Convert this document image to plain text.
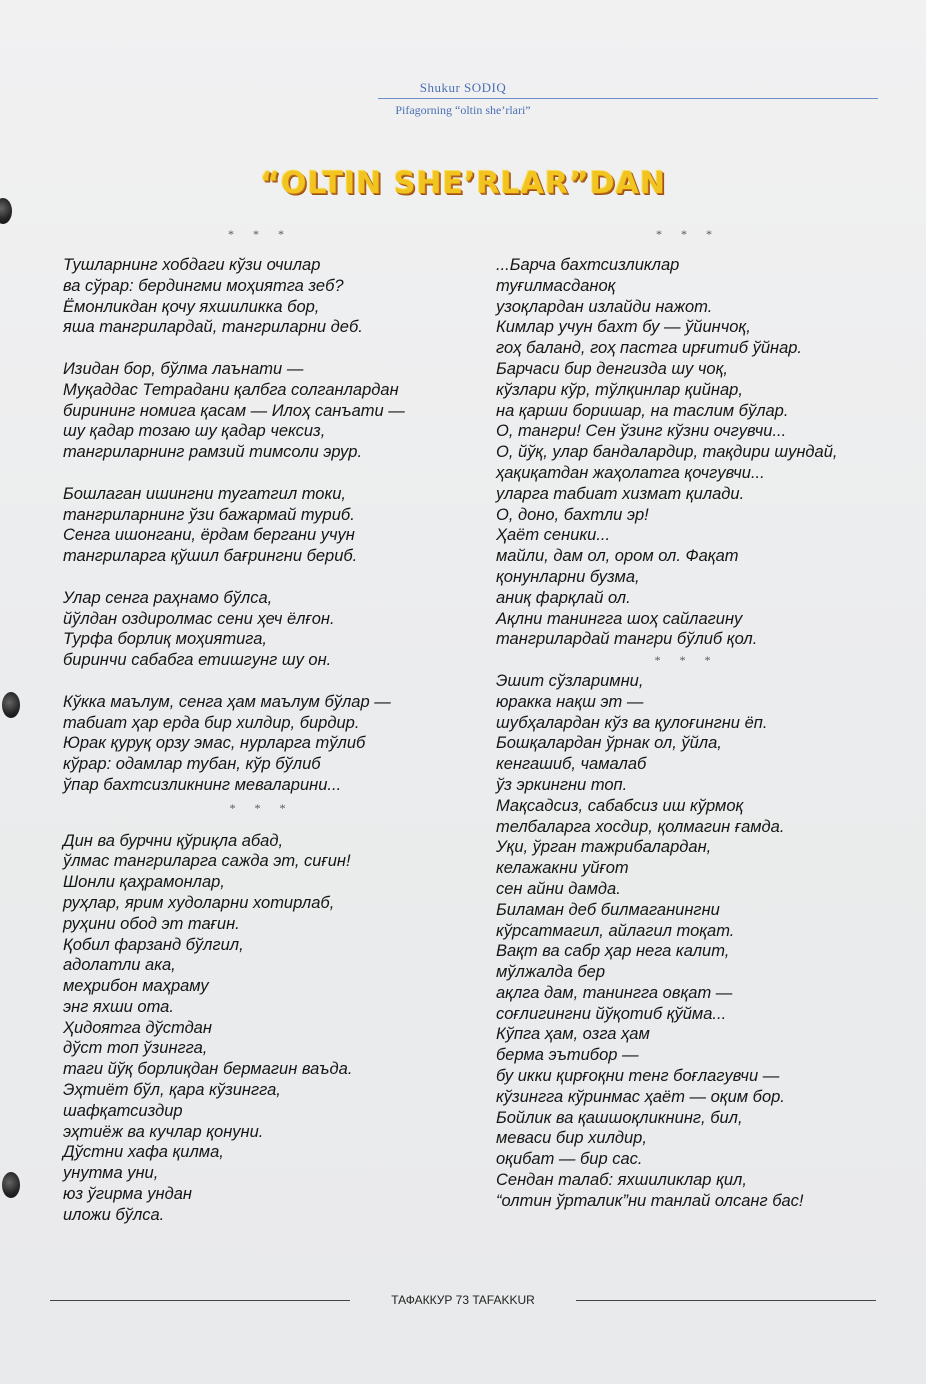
Shukur SODIQ
Pifagorning “oltin she’rlari”
“OLTIN SHE’RLAR”DAN
* * *	* * *
Тушларнинг хобдаги кўзи очилар
ва сўрар: бердингми моҳиятга зеб?
Ёмонликдан қочу яхшиликка бор,
яша тангрилардай, тангриларни деб.
Изидан бор, бўлма лаънати —
Муқаддас Тетрадани қалбга солганлардан
бирининг номига қасам — Илоҳ санъати —
шу қадар тозаю шу қадар чексиз,
тангриларнинг рамзий тимсоли эрур.
Бошлаган ишингни тугатгил токи,
тангриларнинг ўзи бажармай туриб.
Сенга ишонгани, ёрдам бергани учун
тангриларга қўшил бағрингни бериб.
Улар сенга раҳнамо бўлса,
йўлдан оздиролмас сени ҳеч ёлғон.
Турфа борлиқ моҳиятига,
биринчи сабабга етишгунг шу он.
Кўкка маълум, сенга ҳам маълум бўлар —
табиат ҳар ерда бир хилдир, бирдир.
Юрак қуруқ орзу эмас, нурларга тўлиб
кўрар: одамлар тубан, кўр бўлиб
ўпар бахтсизликнинг меваларини...
* * *
Дин ва бурчни қўриқла абад,
ўлмас тангриларга сажда эт, сиғин!
Шонли қаҳрамонлар,
руҳлар, ярим худоларни хотирлаб,
руҳини обод эт тағин.
Қобил фарзанд бўлгил,
адолатли ака,
меҳрибон маҳраму
энг яхши ота.
Ҳидоятга дўстдан
дўст топ ўзингга,
таги йўқ борлиқдан бермагин ваъда.
Эҳтиёт бўл, қара кўзингга,
шафқатсиздир
эҳтиёж ва кучлар қонуни.
Дўстни хафа қилма,
унутма уни,
юз ўгирма ундан
иложи бўлса.
...Барча бахтсизликлар
туғилмасданоқ
узоқлардан излайди нажот.
Кимлар учун бахт бу — ўйинчоқ,
гоҳ баланд, гоҳ пастга ирғитиб ўйнар.
Барчаси бир денгизда шу чоқ,
кўзлари кўр, тўлқинлар қийнар,
на қарши боришар, на таслим бўлар.
О, тангри! Сен ўзинг кўзни очгувчи...
О, йўқ, улар бандалардир, тақдири шундай,
ҳақиқатдан жаҳолатга қочгувчи...
уларга табиат хизмат қилади.
О, доно, бахтли эр!
Ҳаёт сеники...
майли, дам ол, ором ол. Фақат
қонунларни бузма,
аниқ фарқлай ол.
Ақлни танингга шоҳ сайлагину
тангрилардай тангри бўлиб қол.
* * *
Эшит сўзларимни,
юракка нақш эт —
шубҳалардан кўз ва қулоғингни ёп.
Бошқалардан ўрнак ол, ўйла,
кенгашиб, чамалаб
ўз эркингни топ.
Мақсадсиз, сабабсиз иш кўрмоқ
телбаларга хосдир, қолмагин ғамда.
Уқи, ўрган тажрибалардан,
келажакни уйғот
сен айни дамда.
Биламан деб билмаганингни
кўрсатмагил, айлагил тоқат.
Вақт ва сабр ҳар нега калит,
мўлжалда бер
ақлга дам, танингга овқат —
соғлигингни йўқотиб қўйма...
Кўпга ҳам, озга ҳам
берма эътибор —
бу икки қирғоқни тенг боғлагувчи —
кўзингга кўринмас ҳаёт — оқим бор.
Бойлик ва қашшоқликнинг, бил,
меваси бир хилдир,
оқибат — бир сас.
Сендан талаб: яхшиликлар қил,
“олтин ўрталик”ни танлай олсанг бас!
ТАФАККУР 73 TAFAKKUR
